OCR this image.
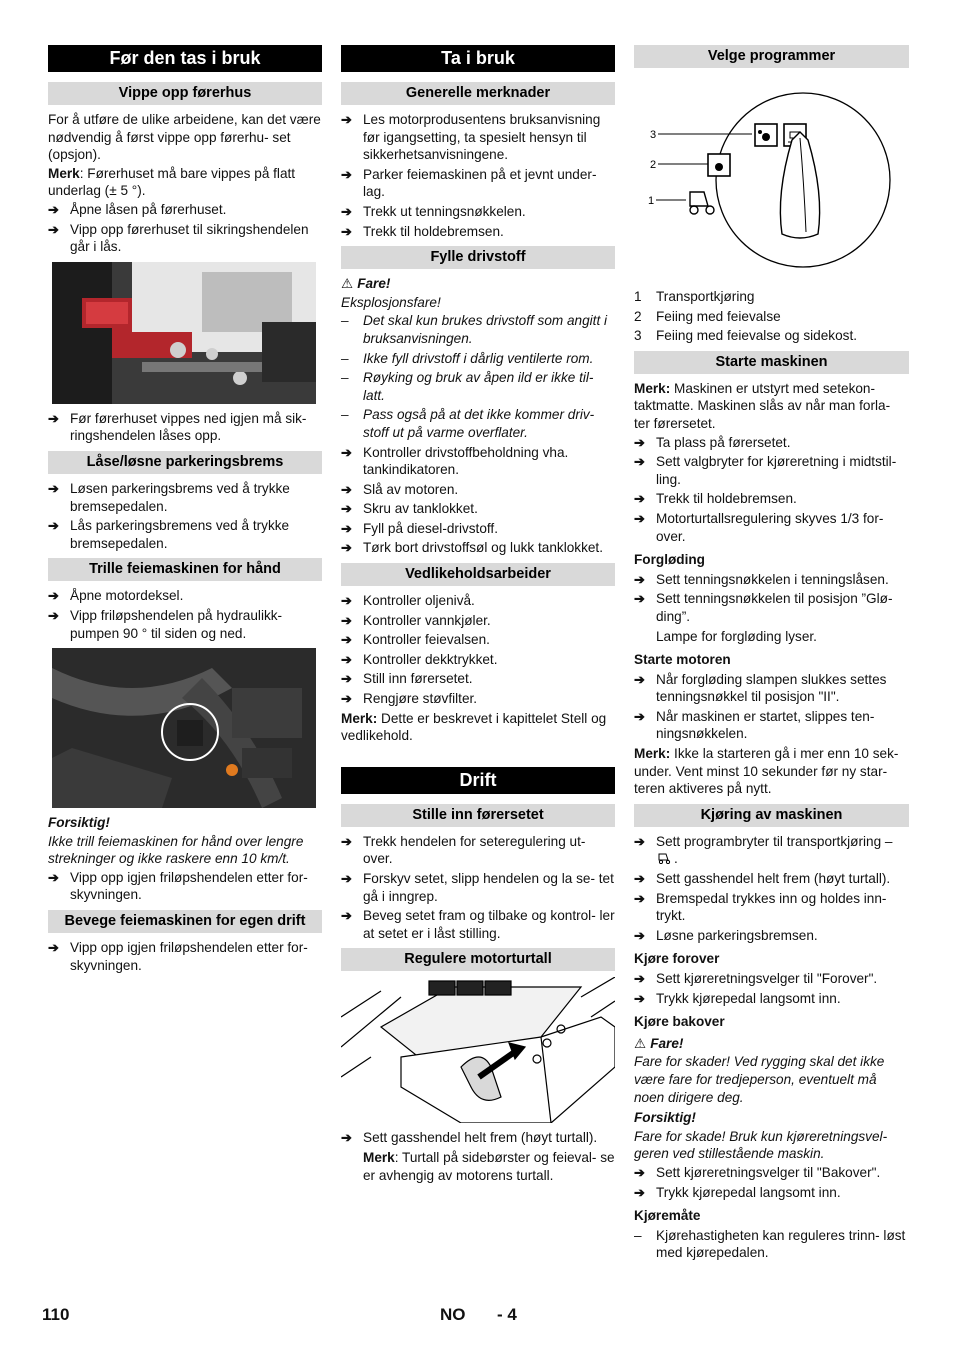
Før den tas i bruk
Vippe opp førerhus

For å utføre de ulike arbeidene, kan det være nødvendig å først vippe opp førerhu- set (opsjon).

Merk: Førerhuset må bare vippes på flatt underlag (± 5 °).

➔ Åpne låsen på førerhuset.
➔ Vipp opp førerhuset til sikringshendelen går i lås.
➔ Før førerhuset vippes ned igjen må sik- ringshendelen låses opp.
Låse/løsne parkeringsbrems
➔ Løsen parkeringsbrems ved å trykke bremsepedalen.
➔ Lås parkeringsbremens ved å trykke bremsepedalen.
Trille feiemaskinen for hånd
➔ Åpne motordeksel.
➔ Vipp friløpshendelen på hydraulikk- pumpen 90 ° til siden og ned.

Forsiktig!

Ikke trill feiemaskinen for hånd over lengre strekninger og ikke raskere enn 10 km/t.

➔ Vipp opp igjen friløpshendelen etter for- skyvningen.
Bevege feiemaskinen for egen drift
➔ Vipp opp igjen friløpshendelen etter for- skyvningen.
Ta i bruk
Generelle merknader
➔ Les motorprodusentens bruksanvisning før igangsetting, ta spesielt hensyn til sikkerhetsanvisningene.
➔ Parker feiemaskinen på et jevnt under- lag.
➔ Trekk ut tenningsnøkkelen.
➔ Trekk til holdebremsen.
Fylle drivstoff

⚠ Fare!

Eksplosjonsfare!

–	Det skal kun brukes drivstoff som angitt i bruksanvisningen.
–	Ikke fyll drivstoff i dårlig ventilerte rom.
–	Røyking og bruk av åpen ild er ikke til- latt.
–	Pass også på at det ikke kommer driv- stoff ut på varme overflater.
➔ Kontroller drivstoffbeholdning vha. tankindikatoren.
➔ Slå av motoren.
➔ Skru av tanklokket.
➔ Fyll på diesel-drivstoff.
➔ Tørk bort drivstoffsøl og lukk tanklokket.
Vedlikeholdsarbeider
➔ Kontroller oljenivå.
➔ Kontroller vannkjøler.
➔ Kontroller feievalsen.
➔ Kontroller dekktrykket.
➔ Still inn førersetet.
➔ Rengjøre støvfilter.

Merk: Dette er beskrevet i kapittelet Stell og vedlikehold.

Drift
Stille inn førersetet
➔ Trekk hendelen for seteregulering ut- over.
➔ Forskyv setet, slipp hendelen og la se- tet gå i inngrep.
➔ Beveg setet fram og tilbake og kontrol- ler at setet er i låst stilling.
Regulere motorturtall
➔ Sett gasshendel helt frem (høyt turtall).

Merk: Turtall på sidebørster og feieval- se er avhengig av motorens turtall.

Velge programmer
3
2
1
1	Transportkjøring
2	Feiing med feievalse
3	Feiing med feievalse og sidekost.
Starte maskinen

Merk: Maskinen er utstyrt med setekon- taktmatte. Maskinen slås av når man forla- ter førersetet.

➔ Ta plass på førersetet.
➔ Sett valgbryter for kjøreretning i midtstil- ling.
➔ Trekk til holdebremsen.
➔ Motorturtallsregulering skyves 1/3 for- over.

Forgløding

➔ Sett tenningsnøkkelen i tenningslåsen.
➔ Sett tenningsnøkkelen til posisjon ”Glø- ding”.

Lampe for forgløding lyser.

Starte motoren

➔ Når forgløding slampen slukkes settes tenningsnøkkel til posisjon "II".
➔ Når maskinen er startet, slippes ten- ningsnøkkelen.

Merk: Ikke la starteren gå i mer enn 10 sek- under. Vent minst 10 sekunder før ny star- teren aktiveres på nytt.

Kjøring av maskinen
➔ Sett programbryter til transportkjøring – .
➔ Sett gasshendel helt frem (høyt turtall).
➔ Bremspedal trykkes inn og holdes inn- trykt.
➔ Løsne parkeringsbremsen.

Kjøre forover

➔ Sett kjøreretningsvelger til "Forover".
➔ Trykk kjørepedal langsomt inn.

Kjøre bakover

⚠ Fare!

Fare for skader! Ved rygging skal det ikke være fare for tredjeperson, eventuelt må noen dirigere deg.

Forsiktig!

Fare for skade! Bruk kun kjøreretningsvel- geren ved stillestående maskin.

➔ Sett kjøreretningsvelger til "Bakover".
➔ Trykk kjørepedal langsomt inn.

Kjøremåte

–	Kjørehastigheten kan reguleres trinn- løst med kjørepedalen.
110	NO - 4
